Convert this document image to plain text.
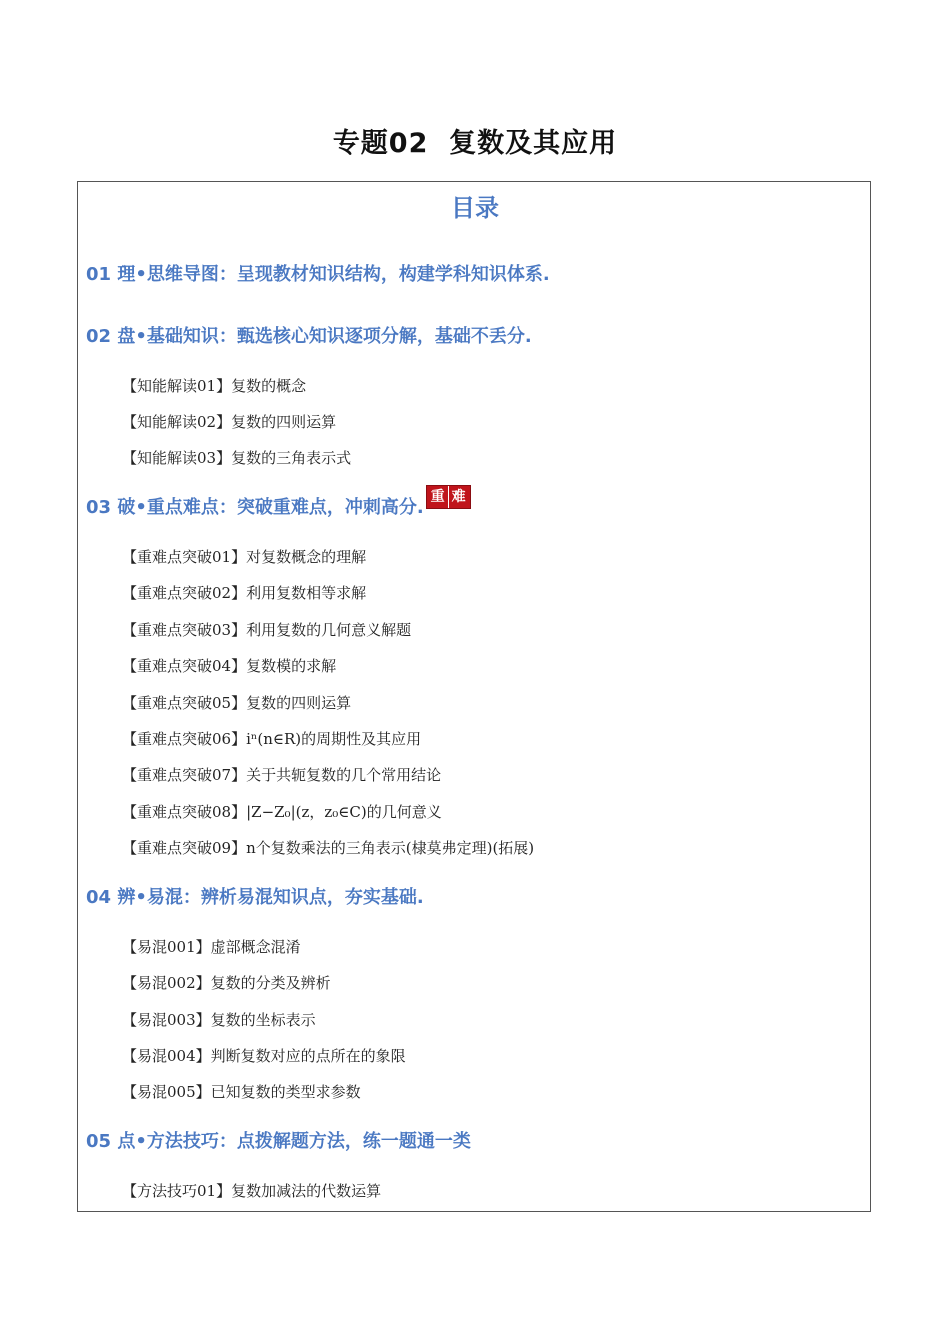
专题02  复数及其应用
目录
01 理•思维导图：呈现教材知识结构，构建学科知识体系.
02 盘•基础知识：甄选核心知识逐项分解，基础不丢分.
【知能解读01】复数的概念
【知能解读02】复数的四则运算
【知能解读03】复数的三角表示式
03 破•重点难点：突破重难点，冲刺高分. 重 难
【重难点突破01】对复数概念的理解
【重难点突破02】利用复数相等求解
【重难点突破03】利用复数的几何意义解题
【重难点突破04】复数模的求解
【重难点突破05】复数的四则运算
【重难点突破06】iⁿ(n∈R)的周期性及其应用
【重难点突破07】关于共轭复数的几个常用结论
【重难点突破08】|Z−Z₀|(z，z₀∈C)的几何意义
【重难点突破09】n个复数乘法的三角表示(棣莫弗定理)(拓展)
04 辨•易混：辨析易混知识点，夯实基础.
【易混001】虚部概念混淆
【易混002】复数的分类及辨析
【易混003】复数的坐标表示
【易混004】判断复数对应的点所在的象限
【易混005】已知复数的类型求参数
05 点•方法技巧：点拨解题方法，练一题通一类
【方法技巧01】复数加减法的代数运算
